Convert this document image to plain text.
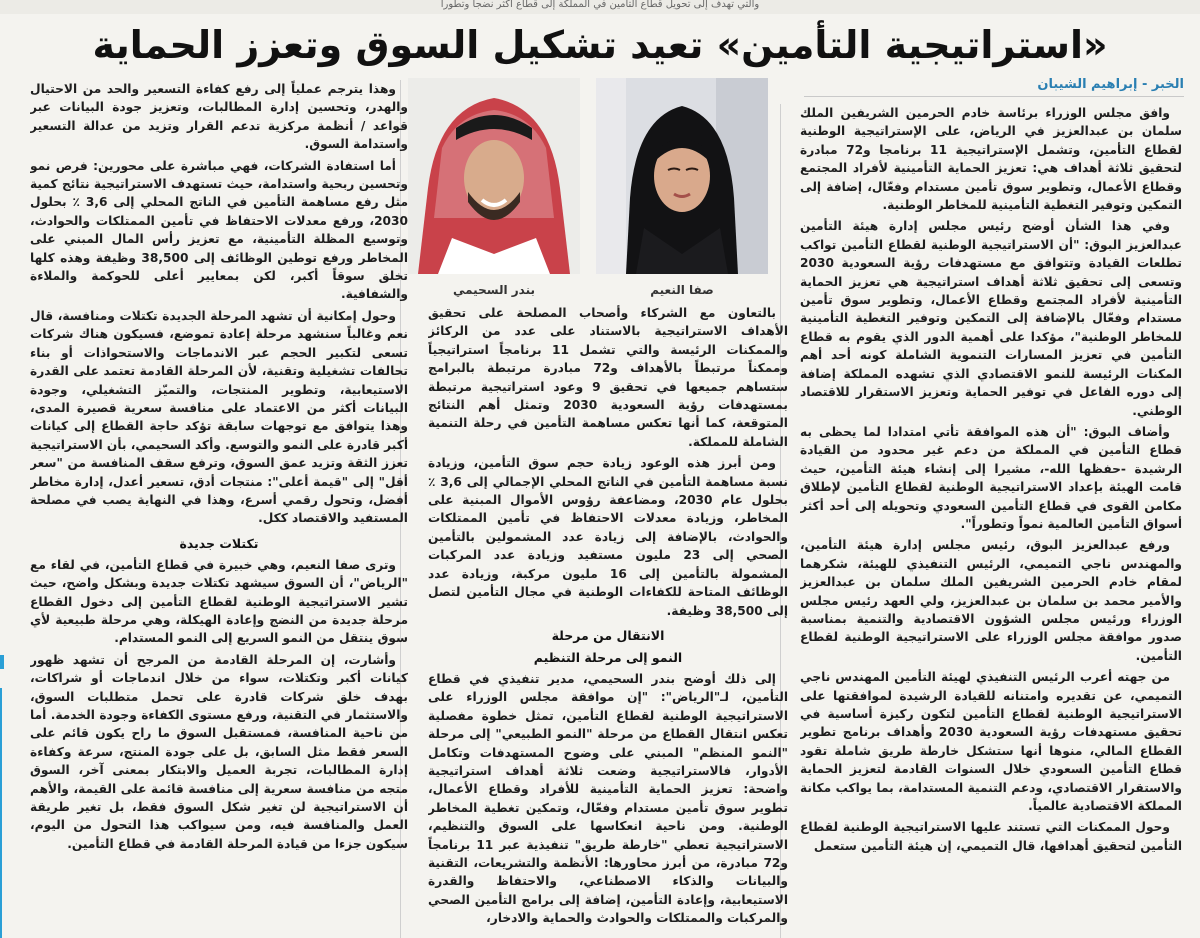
والتي تهدف إلى تحويل قطاع التأمين في المملكة إلى قطاع أكثر نضجاً وتطوراً
«استراتيجية التأمين» تعيد تشكيل السوق وتعزز الحماية
الخبر - إبراهيم الشيبان

وافق مجلس الوزراء برئاسة خادم الحرمين الشريفين الملك سلمان بن عبدالعزيز في الرياض، على الإستراتيجية الوطنية لقطاع التأمين، وتشمل الإستراتيجية 11 برنامجا و72 مبادرة لتحقيق ثلاثة أهداف هي: تعزيز الحماية التأمينية لأفراد المجتمع وقطاع الأعمال، وتطوير سوق تأمين مستدام وفعّال، إضافة إلى التمكين وتوفير التغطية التأمينية للمخاطر الوطنية.

وفي هذا الشأن أوضح رئيس مجلس إدارة هيئة التأمين عبدالعزيز البوق: "أن الاستراتيجية الوطنية لقطاع التأمين تواكب تطلعات القيادة وتتوافق مع مستهدفات رؤية السعودية 2030 وتسعى إلى تحقيق ثلاثة أهداف استراتيجية هي تعزيز الحماية التأمينية لأفراد المجتمع وقطاع الأعمال، وتطوير سوق تأمين مستدام وفعّال بالإضافة إلى التمكين وتوفير التغطية التأمينية للمخاطر الوطنية"، مؤكدا على أهمية الدور الذي يقوم به قطاع التأمين في تعزيز المسارات التنموية الشاملة كونه أحد أهم المكنات الرئيسة للنمو الاقتصادي الذي تشهده المملكة إضافة إلى دوره الفاعل في توفير الحماية وتعزيز الاستقرار للاقتصاد الوطني.

وأضاف البوق: "أن هذه الموافقة تأتي امتدادا لما يحظى به قطاع التأمين في المملكة من دعم غير محدود من القيادة الرشيدة -حفظها الله-، مشيرا إلى إنشاء هيئة التأمين، حيث قامت الهيئة بإعداد الاستراتيجية الوطنية لقطاع التأمين لإطلاق مكامن القوى في قطاع التأمين السعودي وتحويله إلى أحد أكثر أسواق التأمين العالمية نمواً وتطوراً".

ورفع عبدالعزيز البوق، رئيس مجلس إدارة هيئة التأمين، والمهندس ناجي التميمي، الرئيس التنفيذي للهيئة، شكرهما لمقام خادم الحرمين الشريفين الملك سلمان بن عبدالعزيز والأمير محمد بن سلمان بن عبدالعزيز، ولي العهد رئيس مجلس الوزراء ورئيس مجلس الشؤون الاقتصادية والتنمية بمناسبة صدور موافقة مجلس الوزراء على الاستراتيجية الوطنية لقطاع التأمين.

من جهته أعرب الرئيس التنفيذي لهيئة التأمين المهندس ناجي التميمي، عن تقديره وامتنانه للقيادة الرشيدة لموافقتها على الاستراتيجية الوطنية لقطاع التأمين لتكون ركيزة أساسية في تحقيق مستهدفات رؤية السعودية 2030 وأهداف برنامج تطوير القطاع المالي، منوها أنها ستشكل خارطة طريق شاملة تقود قطاع التأمين السعودي خلال السنوات القادمة لتعزيز الحماية والاستقرار الاقتصادي، ودعم التنمية المستدامة، بما يواكب مكانة المملكة الاقتصادية عالمياً.

وحول الممكنات التي تستند عليها الاستراتيجية الوطنية لقطاع التأمين لتحقيق أهدافها، قال التميمي، إن هيئة التأمين ستعمل

صفا النعيم
بندر السحيمي

بالتعاون مع الشركاء وأصحاب المصلحة على تحقيق الأهداف الاستراتيجية بالاستناد على عدد من الركائز والممكنات الرئيسة والتي تشمل 11 برنامجاً استراتيجياً وممكناً مرتبطاً بالأهداف و72 مبادرة مرتبطة بالبرامج ستساهم جميعها في تحقيق 9 وعود استراتيجية مرتبطة بمستهدفات رؤية السعودية 2030 وتمثل أهم النتائج المتوقعة، كما أنها تعكس مساهمة التأمين في رحلة التنمية الشاملة للمملكة.

ومن أبرز هذه الوعود زيادة حجم سوق التأمين، وزيادة نسبة مساهمة التأمين في الناتج المحلي الإجمالي إلى 3,6 ٪ بحلول عام 2030، ومضاعفة رؤوس الأموال المبنية على المخاطر، وزيادة معدلات الاحتفاظ في تأمين الممتلكات والحوادث، بالإضافة إلى زيادة عدد المشمولين بالتأمين الصحي إلى 23 مليون مستفيد وزيادة عدد المركبات المشمولة بالتأمين إلى 16 مليون مركبة، وزيادة عدد الوظائف المتاحة للكفاءات الوطنية في مجال التأمين لتصل إلى 38,500 وظيفة.

الانتقال من مرحلة
النمو إلى مرحلة التنظيم

إلى ذلك أوضح بندر السحيمي، مدير تنفيذي في قطاع التأمين، لـ"الرياض": "إن موافقة مجلس الوزراء على الاستراتيجية الوطنية لقطاع التأمين، تمثل خطوة مفصلية تعكس انتقال القطاع من مرحلة "النمو الطبيعي" إلى مرحلة "النمو المنظم" المبني على وضوح المستهدفات وتكامل الأدوار، فالاستراتيجية وضعت ثلاثة أهداف استراتيجية واضحة: تعزيز الحماية التأمينية للأفراد وقطاع الأعمال، تطوير سوق تأمين مستدام وفعّال، وتمكين تغطية المخاطر الوطنية. ومن ناحية انعكاسها على السوق والتنظيم، الاستراتيجية تعطي "خارطة طريق" تنفيذية عبر 11 برنامجاً و72 مبادرة، من أبرز محاورها: الأنظمة والتشريعات، التقنية والبيانات والذكاء الاصطناعي، والاحتفاظ والقدرة الاستيعابية، وإعادة التأمين، إضافة إلى برامج التأمين الصحي والمركبات والممتلكات والحوادث والحماية والادخار،

وهذا يترجم عملياً إلى رفع كفاءة التسعير والحد من الاحتيال والهدر، وتحسين إدارة المطالبات، وتعزيز جودة البيانات عبر قواعد / أنظمة مركزية تدعم القرار وتزيد من عدالة التسعير واستدامة السوق.

أما استفادة الشركات، فهي مباشرة على محورين: فرص نمو وتحسين ربحية واستدامة، حيث تستهدف الاستراتيجية نتائج كمية مثل رفع مساهمة التأمين في الناتج المحلي إلى 3,6 ٪ بحلول 2030، ورفع معدلات الاحتفاظ في تأمين الممتلكات والحوادث، وتوسيع المظلة التأمينية، مع تعزيز رأس المال المبني على المخاطر ورفع توطين الوظائف إلى 38,500 وظيفة وهذه كلها تخلق سوقاً أكبر، لكن بمعايير أعلى للحوكمة والملاءة والشفافية.

وحول إمكانية أن تشهد المرحلة الجديدة تكتلات ومنافسة، قال نعم وغالباً سنشهد مرحلة إعادة تموضع، فسيكون هناك شركات تسعى لتكبير الحجم عبر الاندماجات والاستحواذات أو بناء تحالفات تشغيلية وتقنية، لأن المرحلة القادمة تعتمد على القدرة الاستيعابية، وتطوير المنتجات، والتميّز التشغيلي، وجودة البيانات أكثر من الاعتماد على منافسة سعرية قصيرة المدى، وهذا يتوافق مع توجهات سابقة تؤكد حاجة القطاع إلى كيانات أكبر قادرة على النمو والتوسع. وأكد السحيمي، بأن الاستراتيجية تعزز الثقة وتزيد عمق السوق، وترفع سقف المنافسة من "سعر أقل" إلى "قيمة أعلى": منتجات أدق، تسعير أعدل، إدارة مخاطر أفضل، وتحول رقمي أسرع، وهذا في النهاية يصب في مصلحة المستفيد والاقتصاد ككل.

تكتلات جديدة

وترى صفا النعيم، وهي خبيرة في قطاع التأمين، في لقاء مع "الرياض"، أن السوق سيشهد تكتلات جديدة وبشكل واضح، حيث تشير الاستراتيجية الوطنية لقطاع التأمين إلى دخول القطاع مرحلة جديدة من النضج وإعادة الهيكلة، وهي مرحلة طبيعية لأي سوق ينتقل من النمو السريع إلى النمو المستدام.

وأشارت، إن المرحلة القادمة من المرجح أن تشهد ظهور كيانات أكبر وتكتلات، سواء من خلال اندماجات أو شراكات، بهدف خلق شركات قادرة على تحمل متطلبات السوق، والاستثمار في التقنية، ورفع مستوى الكفاءة وجودة الخدمة. أما من ناحية المنافسة، فمستقبل السوق ما راح يكون قائم على السعر فقط مثل السابق، بل على جودة المنتج، سرعة وكفاءة إدارة المطالبات، تجربة العميل والابتكار بمعنى آخر، السوق متجه من منافسة سعرية إلى منافسة قائمة على القيمة، والأهم أن الاستراتيجية لن تغير شكل السوق فقط، بل تغير طريقة العمل والمنافسة فيه، ومن سيواكب هذا التحول من اليوم، سيكون جزءا من قيادة المرحلة القادمة في قطاع التأمين.
